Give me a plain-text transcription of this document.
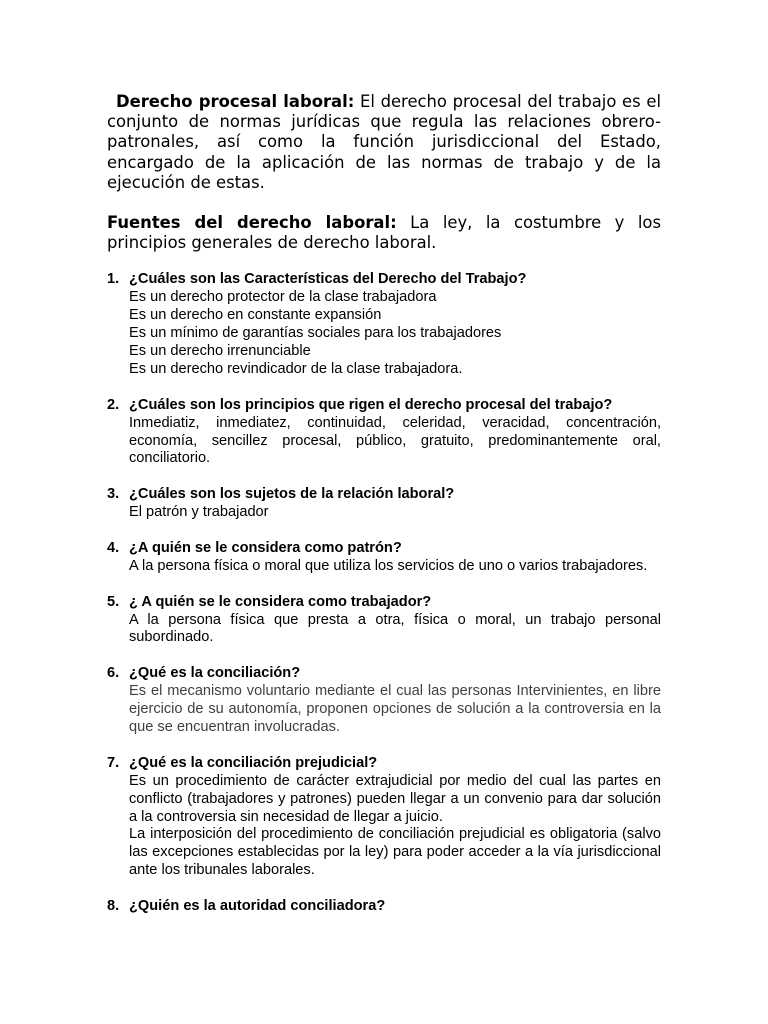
Derecho procesal laboral: El derecho procesal del trabajo es el conjunto de normas jurídicas que regula las relaciones obrero-patronales, así como la función jurisdiccional del Estado, encargado de la aplicación de las normas de trabajo y de la ejecución de estas.

Fuentes del derecho laboral: La ley, la costumbre y los principios generales de derecho laboral.

1. ¿Cuáles son las Características del Derecho del Trabajo?
Es un derecho protector de la clase trabajadora
Es un derecho en constante expansión
Es un mínimo de garantías sociales para los trabajadores
Es un derecho irrenunciable
Es un derecho revindicador de la clase trabajadora.
2. ¿Cuáles son los principios que rigen el derecho procesal del trabajo?
Inmediatiz, inmediatez, continuidad, celeridad, veracidad, concentración, economía, sencillez procesal, público, gratuito, predominantemente oral, conciliatorio.
3. ¿Cuáles son los sujetos de la relación laboral?
El patrón y trabajador
4. ¿A quién se le considera como patrón?
A la persona física o moral que utiliza los servicios de uno o varios trabajadores.
5. ¿ A quién se le considera como trabajador?
A la persona física que presta a otra, física o moral, un trabajo personal subordinado.
6. ¿Qué es la conciliación?
Es el mecanismo voluntario mediante el cual las personas Intervinientes, en libre ejercicio de su autonomía, proponen opciones de solución a la controversia en la que se encuentran involucradas.
7. ¿Qué es la conciliación prejudicial?
Es un procedimiento de carácter extrajudicial por medio del cual las partes en conflicto (trabajadores y patrones) pueden llegar a un convenio para dar solución a la controversia sin necesidad de llegar a juicio.
La interposición del procedimiento de conciliación prejudicial es obligatoria (salvo las excepciones establecidas por la ley) para poder acceder a la vía jurisdiccional ante los tribunales laborales.
8. ¿Quién es la autoridad conciliadora?
